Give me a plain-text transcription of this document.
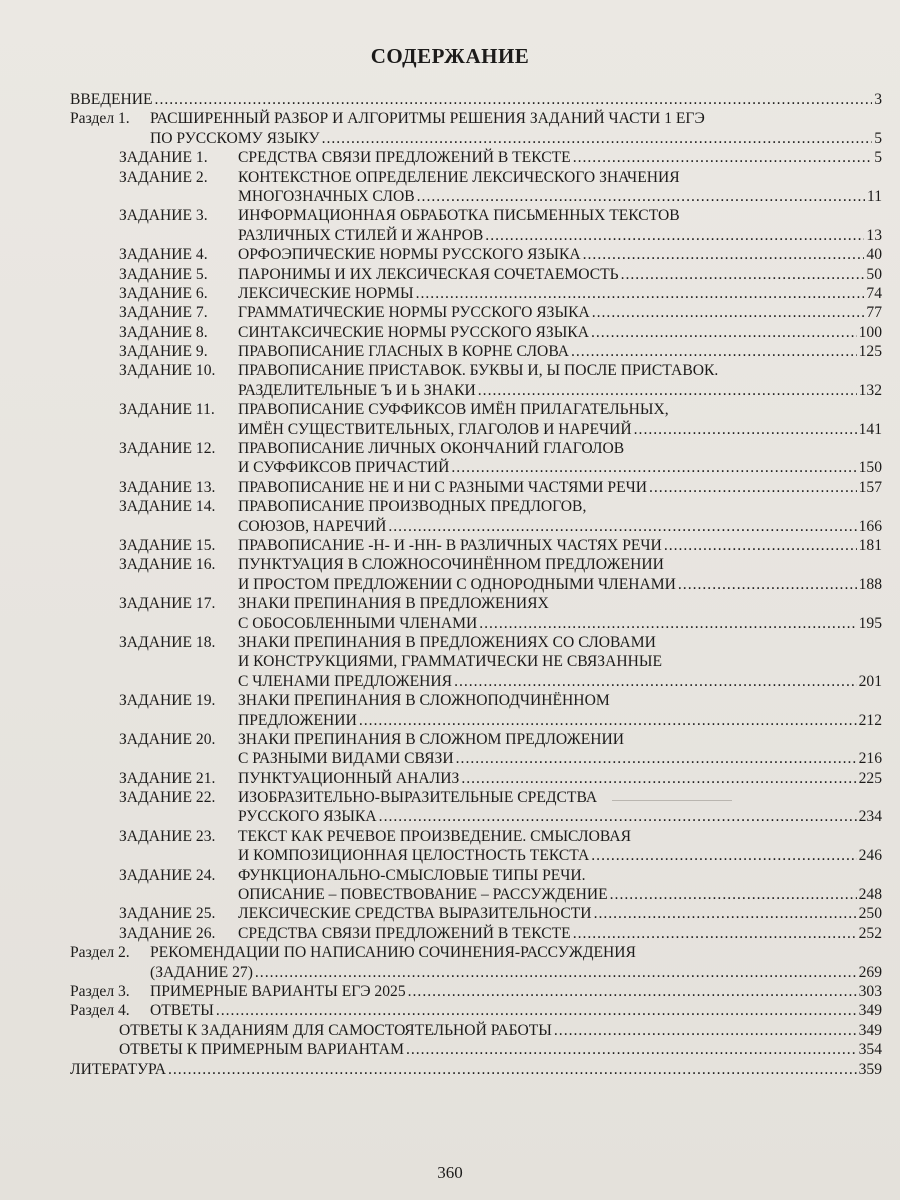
СОДЕРЖАНИЕ
ВВЕДЕНИЕ .....	3
Раздел 1. РАСШИРЕННЫЙ РАЗБОР И АЛГОРИТМЫ РЕШЕНИЯ ЗАДАНИЙ ЧАСТИ 1 ЕГЭ
ПО РУССКОМУ ЯЗЫКУ .....	5
ЗАДАНИЕ 1. СРЕДСТВА СВЯЗИ ПРЕДЛОЖЕНИЙ В ТЕКСТЕ .....	5
ЗАДАНИЕ 2. КОНТЕКСТНОЕ ОПРЕДЕЛЕНИЕ ЛЕКСИЧЕСКОГО ЗНАЧЕНИЯ
МНОГОЗНАЧНЫХ СЛОВ .....	11
ЗАДАНИЕ 3. ИНФОРМАЦИОННАЯ ОБРАБОТКА ПИСЬМЕННЫХ ТЕКСТОВ
РАЗЛИЧНЫХ СТИЛЕЙ И ЖАНРОВ .....	13
ЗАДАНИЕ 4. ОРФОЭПИЧЕСКИЕ НОРМЫ РУССКОГО ЯЗЫКА .....	40
ЗАДАНИЕ 5. ПАРОНИМЫ И ИХ ЛЕКСИЧЕСКАЯ СОЧЕТАЕМОСТЬ .....	50
ЗАДАНИЕ 6. ЛЕКСИЧЕСКИЕ НОРМЫ .....	74
ЗАДАНИЕ 7. ГРАММАТИЧЕСКИЕ НОРМЫ РУССКОГО ЯЗЫКА .....	77
ЗАДАНИЕ 8. СИНТАКСИЧЕСКИЕ НОРМЫ РУССКОГО ЯЗЫКА .....	100
ЗАДАНИЕ 9. ПРАВОПИСАНИЕ ГЛАСНЫХ В КОРНЕ СЛОВА .....	125
ЗАДАНИЕ 10. ПРАВОПИСАНИЕ ПРИСТАВОК. БУКВЫ И, Ы ПОСЛЕ ПРИСТАВОК.
РАЗДЕЛИТЕЛЬНЫЕ Ъ И Ь ЗНАКИ .....	132
ЗАДАНИЕ 11. ПРАВОПИСАНИЕ СУФФИКСОВ ИМЁН ПРИЛАГАТЕЛЬНЫХ,
ИМЁН СУЩЕСТВИТЕЛЬНЫХ, ГЛАГОЛОВ И НАРЕЧИЙ .....	141
ЗАДАНИЕ 12. ПРАВОПИСАНИЕ ЛИЧНЫХ ОКОНЧАНИЙ ГЛАГОЛОВ
И СУФФИКСОВ ПРИЧАСТИЙ .....	150
ЗАДАНИЕ 13. ПРАВОПИСАНИЕ НЕ И НИ С РАЗНЫМИ ЧАСТЯМИ РЕЧИ .....	157
ЗАДАНИЕ 14. ПРАВОПИСАНИЕ ПРОИЗВОДНЫХ ПРЕДЛОГОВ,
СОЮЗОВ, НАРЕЧИЙ .....	166
ЗАДАНИЕ 15. ПРАВОПИСАНИЕ -Н- И -НН- В РАЗЛИЧНЫХ ЧАСТЯХ РЕЧИ .....	181
ЗАДАНИЕ 16. ПУНКТУАЦИЯ В СЛОЖНОСОЧИНЁННОМ ПРЕДЛОЖЕНИИ
И ПРОСТОМ ПРЕДЛОЖЕНИИ С ОДНОРОДНЫМИ ЧЛЕНАМИ .....	188
ЗАДАНИЕ 17. ЗНАКИ ПРЕПИНАНИЯ В ПРЕДЛОЖЕНИЯХ
С ОБОСОБЛЕННЫМИ ЧЛЕНАМИ .....	195
ЗАДАНИЕ 18. ЗНАКИ ПРЕПИНАНИЯ В ПРЕДЛОЖЕНИЯХ СО СЛОВАМИ
И КОНСТРУКЦИЯМИ, ГРАММАТИЧЕСКИ НЕ СВЯЗАННЫЕ
С ЧЛЕНАМИ ПРЕДЛОЖЕНИЯ .....	201
ЗАДАНИЕ 19. ЗНАКИ ПРЕПИНАНИЯ В СЛОЖНОПОДЧИНЁННОМ
ПРЕДЛОЖЕНИИ .....	212
ЗАДАНИЕ 20. ЗНАКИ ПРЕПИНАНИЯ В СЛОЖНОМ ПРЕДЛОЖЕНИИ
С РАЗНЫМИ ВИДАМИ СВЯЗИ .....	216
ЗАДАНИЕ 21. ПУНКТУАЦИОННЫЙ АНАЛИЗ .....	225
ЗАДАНИЕ 22. ИЗОБРАЗИТЕЛЬНО-ВЫРАЗИТЕЛЬНЫЕ СРЕДСТВА
РУССКОГО ЯЗЫКА .....	234
ЗАДАНИЕ 23. ТЕКСТ КАК РЕЧЕВОЕ ПРОИЗВЕДЕНИЕ. СМЫСЛОВАЯ
И КОМПОЗИЦИОННАЯ ЦЕЛОСТНОСТЬ ТЕКСТА .....	246
ЗАДАНИЕ 24. ФУНКЦИОНАЛЬНО-СМЫСЛОВЫЕ ТИПЫ РЕЧИ.
ОПИСАНИЕ – ПОВЕСТВОВАНИЕ – РАССУЖДЕНИЕ .....	248
ЗАДАНИЕ 25. ЛЕКСИЧЕСКИЕ СРЕДСТВА ВЫРАЗИТЕЛЬНОСТИ .....	250
ЗАДАНИЕ 26. СРЕДСТВА СВЯЗИ ПРЕДЛОЖЕНИЙ В ТЕКСТЕ .....	252
Раздел 2. РЕКОМЕНДАЦИИ ПО НАПИСАНИЮ СОЧИНЕНИЯ-РАССУЖДЕНИЯ
(ЗАДАНИЕ 27) .....	269
Раздел 3. ПРИМЕРНЫЕ ВАРИАНТЫ ЕГЭ 2025 .....	303
Раздел 4. ОТВЕТЫ .....	349
ОТВЕТЫ К ЗАДАНИЯМ ДЛЯ САМОСТОЯТЕЛЬНОЙ РАБОТЫ .....	349
ОТВЕТЫ К ПРИМЕРНЫМ ВАРИАНТАМ .....	354
ЛИТЕРАТУРА .....	359
360
